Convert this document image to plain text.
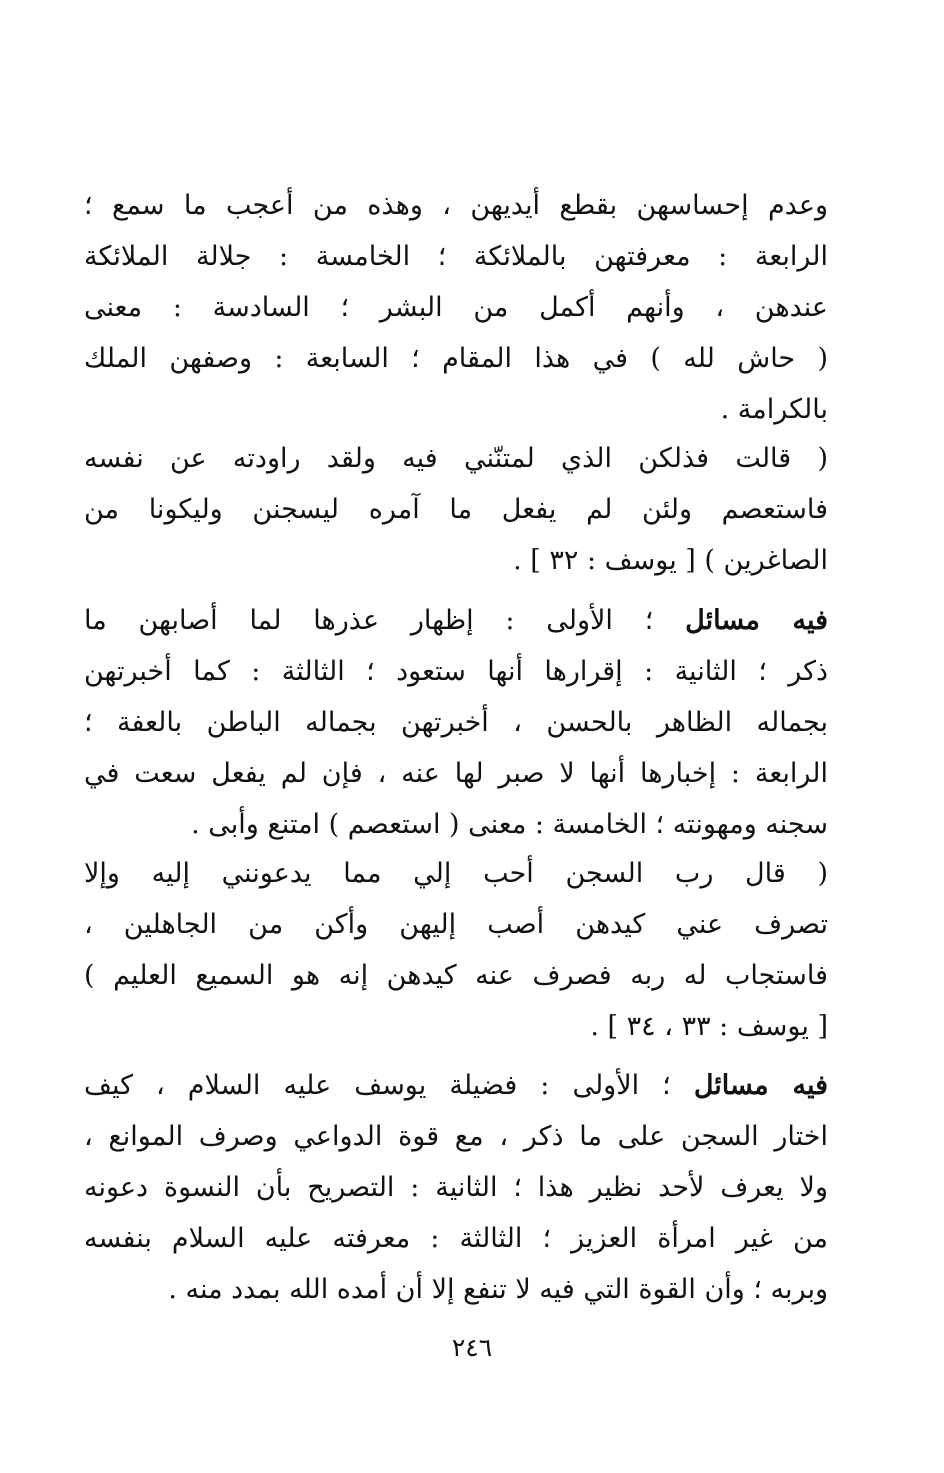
وعدم إحساسهن بقطع أيديهن ، وهذه من أعجب ما سمع ؛
الرابعة : معرفتهن بالملائكة ؛ الخامسة : جلالة الملائكة
عندهن ، وأنهم أكمل من البشر ؛ السادسة : معنى
( حاش لله ) في هذا المقام ؛ السابعة : وصفهن الملك
بالكرامة .
( قالت فذلكن الذي لمتنّني فيه ولقد راودته عن نفسه
فاستعصم ولئن لم يفعل ما آمره ليسجنن وليكونا من
الصاغرين ) [ يوسف : ٣٢ ] .
فيه مسائل ؛ الأولى : إظهار عذرها لما أصابهن ما
ذكر ؛ الثانية : إقرارها أنها ستعود ؛ الثالثة : كما أخبرتهن
بجماله الظاهر بالحسن ، أخبرتهن بجماله الباطن بالعفة ؛
الرابعة : إخبارها أنها لا صبر لها عنه ، فإن لم يفعل سعت في
سجنه ومهونته ؛ الخامسة : معنى ( استعصم ) امتنع وأبى .
( قال رب السجن أحب إلي مما يدعونني إليه وإلا
تصرف عني كيدهن أصب إليهن وأكن من الجاهلين ،
فاستجاب له ربه فصرف عنه كيدهن إنه هو السميع العليم )
[ يوسف : ٣٣ ، ٣٤ ] .
فيه مسائل ؛ الأولى : فضيلة يوسف عليه السلام ، كيف
اختار السجن على ما ذكر ، مع قوة الدواعي وصرف الموانع ،
ولا يعرف لأحد نظير هذا ؛ الثانية : التصريح بأن النسوة دعونه
من غير امرأة العزيز ؛ الثالثة : معرفته عليه السلام بنفسه
وبربه ؛ وأن القوة التي فيه لا تنفع إلا أن أمده الله بمدد منه .
٢٤٦
